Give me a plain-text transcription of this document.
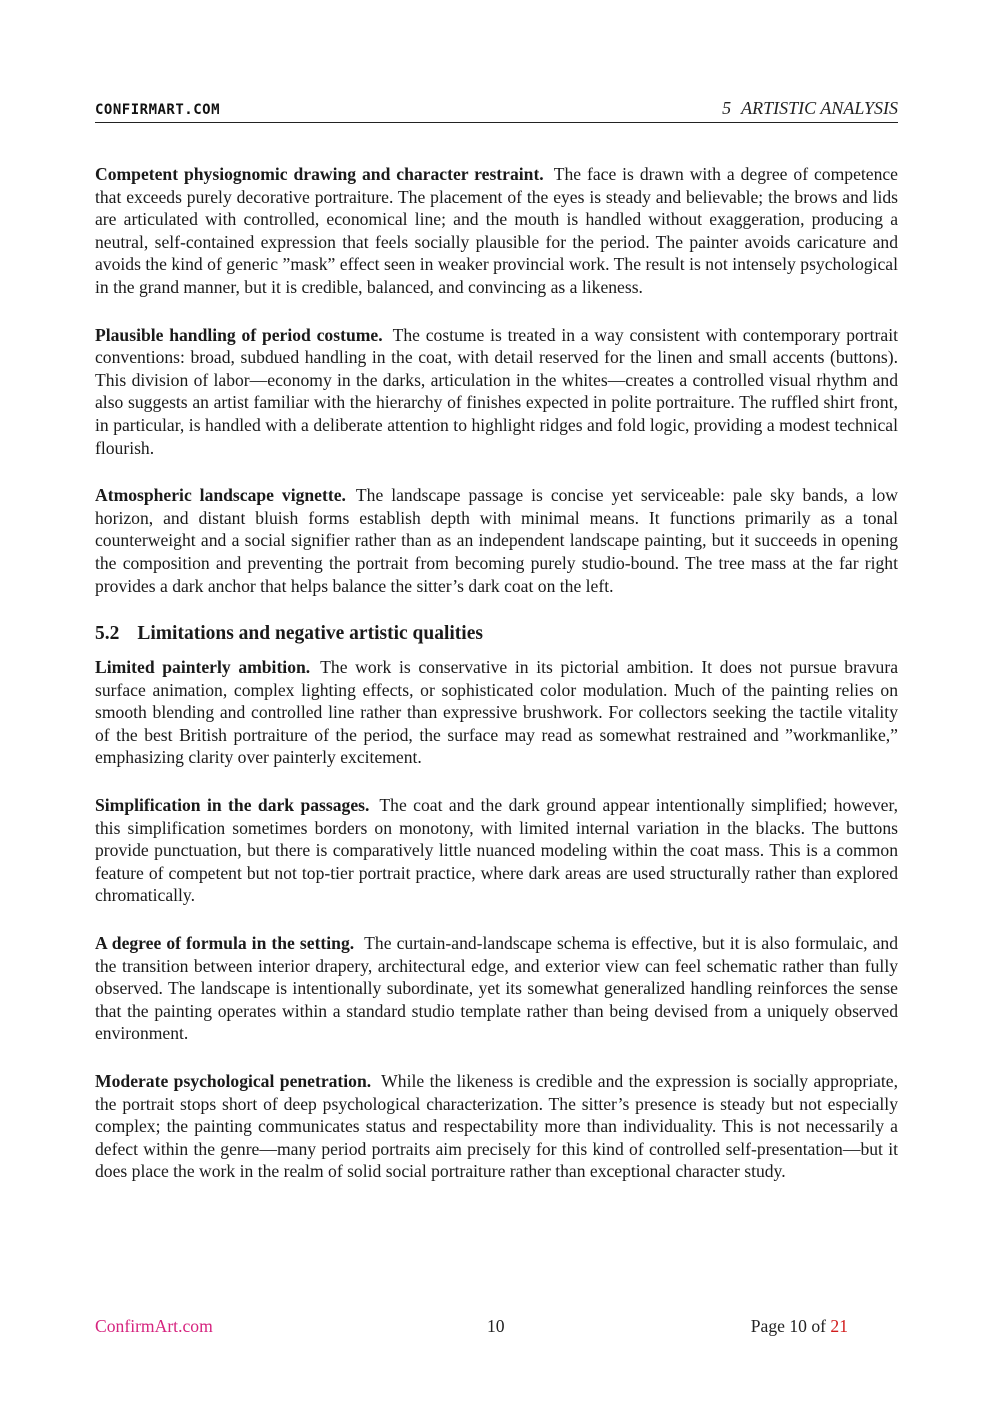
CONFIRMART.COM	5 ARTISTIC ANALYSIS

Competent physiognomic drawing and character restraint. The face is drawn with a degree of competence that exceeds purely decorative portraiture. The placement of the eyes is steady and believable; the brows and lids are articulated with controlled, economical line; and the mouth is handled without exaggeration, producing a neutral, self-contained expression that feels socially plausible for the period. The painter avoids caricature and avoids the kind of generic ”mask” effect seen in weaker provincial work. The result is not intensely psychological in the grand manner, but it is credible, balanced, and convincing as a likeness.

Plausible handling of period costume. The costume is treated in a way consistent with contemporary portrait conventions: broad, subdued handling in the coat, with detail reserved for the linen and small accents (buttons). This division of labor—economy in the darks, articulation in the whites—creates a controlled visual rhythm and also suggests an artist familiar with the hierarchy of finishes expected in polite portraiture. The ruffled shirt front, in particular, is handled with a deliberate attention to highlight ridges and fold logic, providing a modest technical flourish.

Atmospheric landscape vignette. The landscape passage is concise yet serviceable: pale sky bands, a low horizon, and distant bluish forms establish depth with minimal means. It functions primarily as a tonal counterweight and a social signifier rather than as an independent landscape painting, but it succeeds in opening the composition and preventing the portrait from becoming purely studio-bound. The tree mass at the far right provides a dark anchor that helps balance the sitter’s dark coat on the left.

5.2 Limitations and negative artistic qualities

Limited painterly ambition. The work is conservative in its pictorial ambition. It does not pursue bravura surface animation, complex lighting effects, or sophisticated color modulation. Much of the painting relies on smooth blending and controlled line rather than expressive brushwork. For collectors seeking the tactile vitality of the best British portraiture of the period, the surface may read as somewhat restrained and ”workmanlike,” emphasizing clarity over painterly excitement.

Simplification in the dark passages. The coat and the dark ground appear intentionally simplified; however, this simplification sometimes borders on monotony, with limited internal variation in the blacks. The buttons provide punctuation, but there is comparatively little nuanced modeling within the coat mass. This is a common feature of competent but not top-tier portrait practice, where dark areas are used structurally rather than explored chromatically.

A degree of formula in the setting. The curtain-and-landscape schema is effective, but it is also formulaic, and the transition between interior drapery, architectural edge, and exterior view can feel schematic rather than fully observed. The landscape is intentionally subordinate, yet its somewhat generalized handling reinforces the sense that the painting operates within a standard studio template rather than being devised from a uniquely observed environment.

Moderate psychological penetration. While the likeness is credible and the expression is socially appropriate, the portrait stops short of deep psychological characterization. The sitter’s presence is steady but not especially complex; the painting communicates status and respectability more than individuality. This is not necessarily a defect within the genre—many period portraits aim precisely for this kind of controlled self-presentation—but it does place the work in the realm of solid social portraiture rather than exceptional character study.

ConfirmArt.com	10	Page 10 of 21
